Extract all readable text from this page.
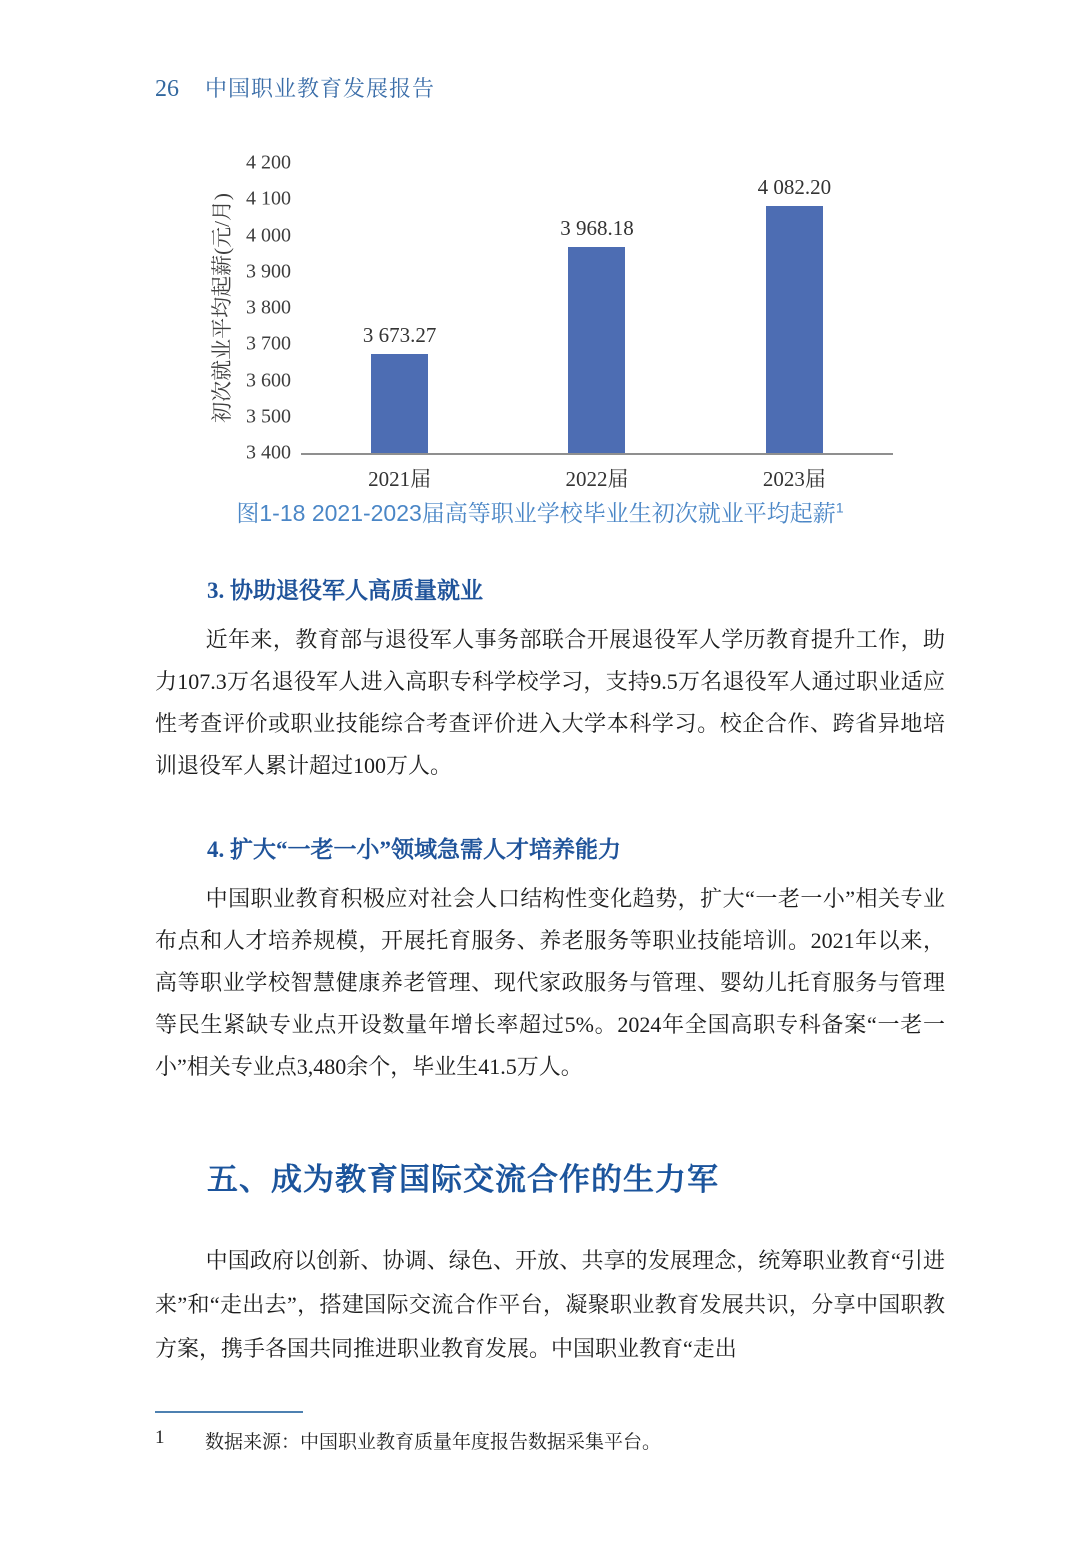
26 中国职业教育发展报告
初次就业平均起薪(元/月)
4 200
4 100
4 000
3 900
3 800
3 700
3 600
3 500
3 400
3 673.27
2021届
3 968.18
2022届
4 082.20
2023届
图1-18 2021-2023届高等职业学校毕业生初次就业平均起薪$^1$
3. 协助退役军人高质量就业
近年来，教育部与退役军人事务部联合开展退役军人学历教育提升工作，助力107.3万名退役军人进入高职专科学校学习，支持9.5万名退役军人通过职业适应性考查评价或职业技能综合考查评价进入大学本科学习。校企合作、跨省异地培训退役军人累计超过100万人。
4. 扩大“一老一小”领域急需人才培养能力
中国职业教育积极应对社会人口结构性变化趋势，扩大“一老一小”相关专业布点和人才培养规模，开展托育服务、养老服务等职业技能培训。2021年以来，高等职业学校智慧健康养老管理、现代家政服务与管理、婴幼儿托育服务与管理等民生紧缺专业点开设数量年增长率超过5%。2024年全国高职专科备案“一老一小”相关专业点3,480余个，毕业生41.5万人。
五、成为教育国际交流合作的生力军
中国政府以创新、协调、绿色、开放、共享的发展理念，统筹职业教育“引进来”和“走出去”，搭建国际交流合作平台，凝聚职业教育发展共识，分享中国职教方案，携手各国共同推进职业教育发展。中国职业教育“走出
1	数据来源：中国职业教育质量年度报告数据采集平台。
